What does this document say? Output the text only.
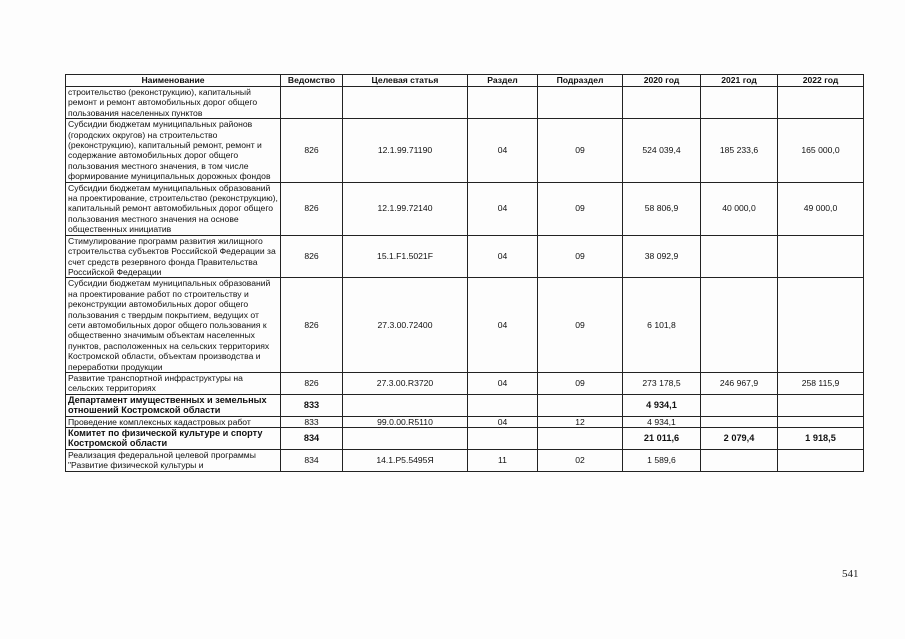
Наименование	Ведомство	Целевая статья	Раздел	Подраздел	2020 год	2021 год	2022 год
строительство (реконструкцию), капитальный ремонт и ремонт автомобильных дорог общего пользования населенных пунктов							
Субсидии бюджетам муниципальных районов (городских округов) на строительство (реконструкцию), капитальный ремонт, ремонт и содержание автомобильных дорог общего пользования местного значения, в том числе формирование муниципальных дорожных фондов	826	12.1.99.71190	04	09	524 039,4	185 233,6	165 000,0
Субсидии бюджетам муниципальных образований на проектирование, строительство (реконструкцию), капитальный ремонт автомобильных дорог общего пользования местного значения на основе общественных инициатив	826	12.1.99.72140	04	09	58 806,9	40 000,0	49 000,0
Стимулирование программ развития жилищного строительства субъектов Российской Федерации за счет средств резервного фонда Правительства Российской Федерации	826	15.1.F1.5021F	04	09	38 092,9		
Субсидии бюджетам муниципальных образований на проектирование работ по строительству и реконструкции автомобильных дорог общего пользования с твердым покрытием, ведущих от сети автомобильных дорог общего пользования к общественно значимым объектам населенных пунктов, расположенных на сельских территориях Костромской области, объектам производства и переработки продукции	826	27.3.00.72400	04	09	6 101,8		
Развитие транспортной инфраструктуры на сельских территориях	826	27.3.00.R3720	04	09	273 178,5	246 967,9	258 115,9
Департамент имущественных и земельных отношений Костромской области	833				4 934,1		
Проведение комплексных кадастровых работ	833	99.0.00.R5110	04	12	4 934,1		
Комитет по физической культуре и спорту Костромской области	834				21 011,6	2 079,4	1 918,5
Реализация федеральной целевой программы "Развитие физической культуры и	834	14.1.P5.5495Я	11	02	1 589,6		
541
